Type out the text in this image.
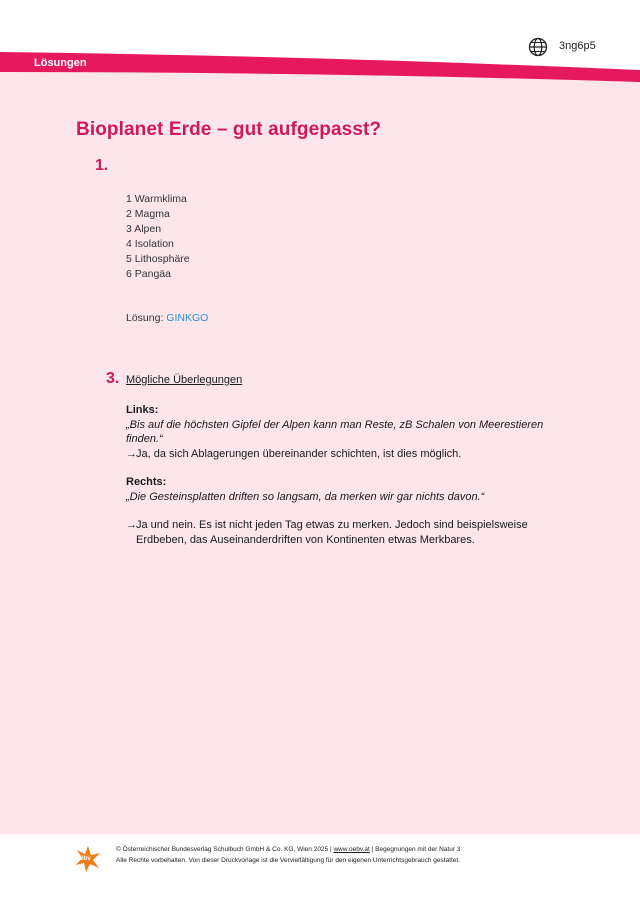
3ng6p5
Lösungen
Bioplanet Erde – gut aufgepasst?
1.
1 Warmklima
2 Magma
3 Alpen
4 Isolation
5 Lithosphäre
6 Pangäa
Lösung: GINKGO
3. Mögliche Überlegungen
Links:
„Bis auf die höchsten Gipfel der Alpen kann man Reste, zB Schalen von Meerestieren
finden.“
→ Ja, da sich Ablagerungen übereinander schichten, ist dies möglich.
Rechts:
„Die Gesteinsplatten driften so langsam, da merken wir gar nichts davon.“
→ Ja und nein. Es ist nicht jeden Tag etwas zu merken. Jedoch sind beispielsweise
Erdbeben, das Auseinanderdriften von Kontinenten etwas Merkbares.
öbv
© Österreichischer Bundesverlag Schulbuch GmbH & Co. KG, Wien 2025 | www.oebv.at | Begegnungen mit der Natur 3
Alle Rechte vorbehalten. Von dieser Druckvorlage ist die Vervielfältigung für den eigenen Unterrichtsgebrauch gestattet.
